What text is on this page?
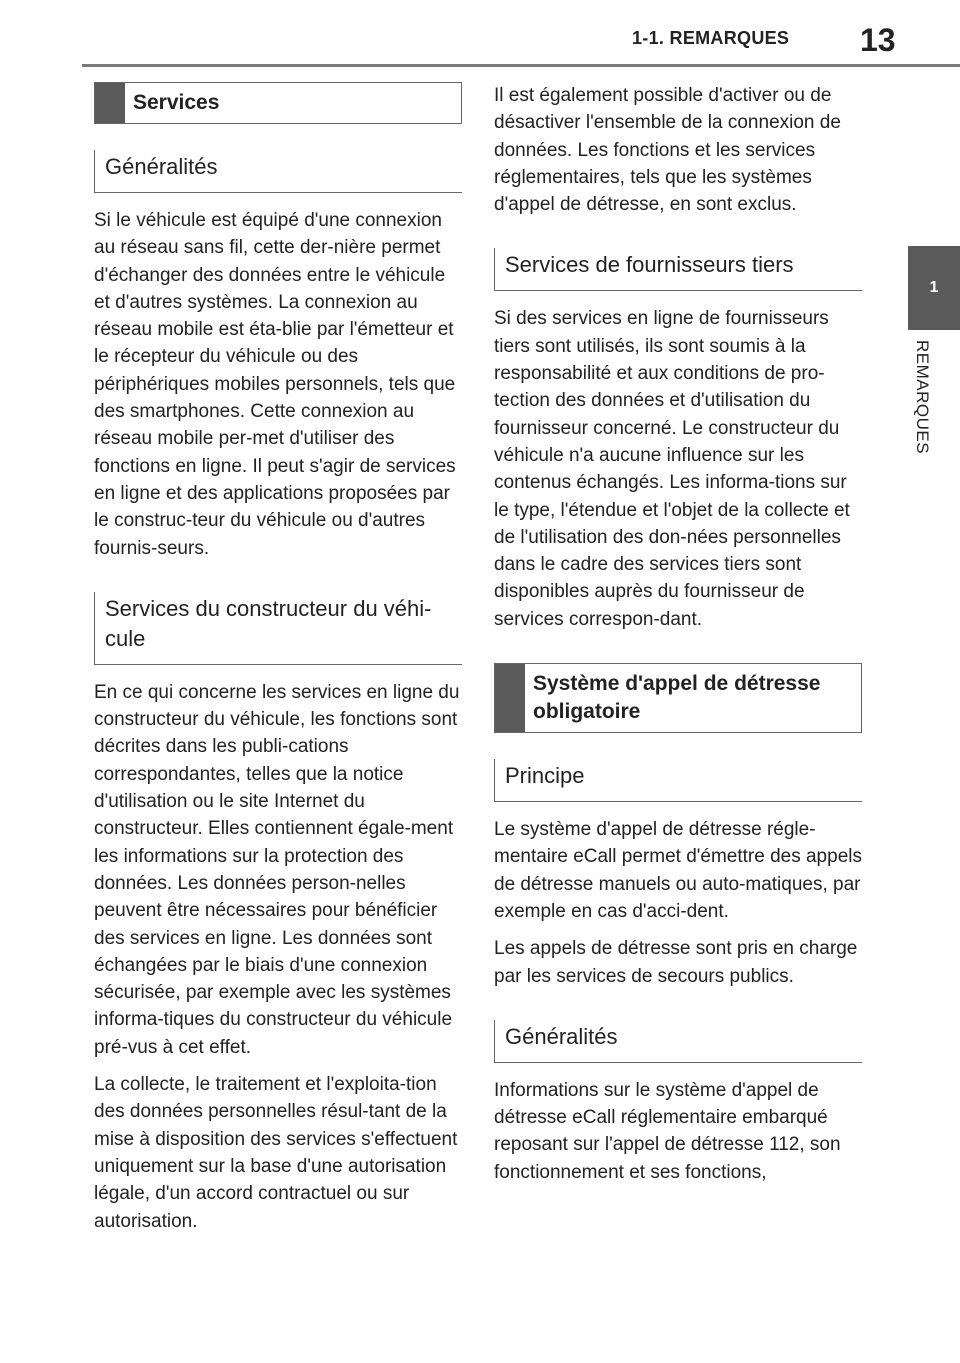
1-1. REMARQUES 13
1
REMARQUES
Services
Généralités

Si le véhicule est équipé d'une connexion au réseau sans fil, cette der-nière permet d'échanger des données entre le véhicule et d'autres systèmes. La connexion au réseau mobile est éta-blie par l'émetteur et le récepteur du véhicule ou des périphériques mobiles personnels, tels que des smartphones. Cette connexion au réseau mobile per-met d'utiliser des fonctions en ligne. Il peut s'agir de services en ligne et des applications proposées par le construc-teur du véhicule ou d'autres fournis-seurs.

Services du constructeur du véhi-cule

En ce qui concerne les services en ligne du constructeur du véhicule, les fonctions sont décrites dans les publi-cations correspondantes, telles que la notice d'utilisation ou le site Internet du constructeur. Elles contiennent égale-ment les informations sur la protection des données. Les données person-nelles peuvent être nécessaires pour bénéficier des services en ligne. Les données sont échangées par le biais d'une connexion sécurisée, par exemple avec les systèmes informa-tiques du constructeur du véhicule pré-vus à cet effet.

La collecte, le traitement et l'exploita-tion des données personnelles résul-tant de la mise à disposition des services s'effectuent uniquement sur la base d'une autorisation légale, d'un accord contractuel ou sur autorisation.

Il est également possible d'activer ou de désactiver l'ensemble de la connexion de données. Les fonctions et les services réglementaires, tels que les systèmes d'appel de détresse, en sont exclus.

Services de fournisseurs tiers

Si des services en ligne de fournisseurs tiers sont utilisés, ils sont soumis à la responsabilité et aux conditions de pro-tection des données et d'utilisation du fournisseur concerné. Le constructeur du véhicule n'a aucune influence sur les contenus échangés. Les informa-tions sur le type, l'étendue et l'objet de la collecte et de l'utilisation des don-nées personnelles dans le cadre des services tiers sont disponibles auprès du fournisseur de services correspon-dant.

Système d'appel de détresse obligatoire
Principe

Le système d'appel de détresse régle-mentaire eCall permet d'émettre des appels de détresse manuels ou auto-matiques, par exemple en cas d'acci-dent.

Les appels de détresse sont pris en charge par les services de secours publics.

Généralités

Informations sur le système d'appel de détresse eCall réglementaire embarqué reposant sur l'appel de détresse 112, son fonctionnement et ses fonctions,
